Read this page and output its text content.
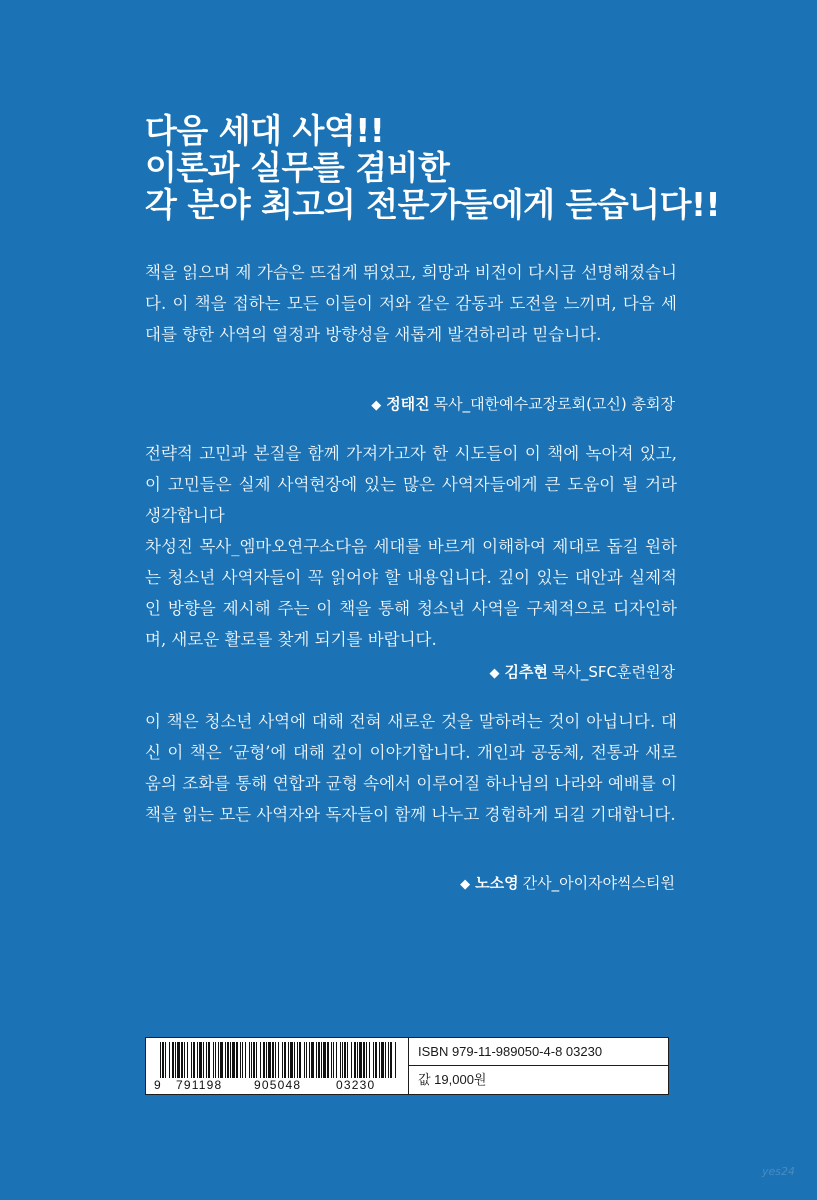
다음 세대 사역!!
이론과 실무를 겸비한
각 분야 최고의 전문가들에게 듣습니다!!

책을 읽으며 제 가슴은 뜨겁게 뛰었고, 희망과 비전이 다시금 선명해졌습니다. 이 책을 접하는 모든 이들이 저와 같은 감동과 도전을 느끼며, 다음 세대를 향한 사역의 열정과 방향성을 새롭게 발견하리라 믿습니다.

◆ 정태진 목사_대한예수교장로회(고신) 총회장

전략적 고민과 본질을 함께 가져가고자 한 시도들이 이 책에 녹아져 있고, 이 고민들은 실제 사역현장에 있는 많은 사역자들에게 큰 도움이 될 거라 생각합니다

차성진 목사_엠마오연구소다음 세대를 바르게 이해하여 제대로 돕길 원하는 청소년 사역자들이 꼭 읽어야 할 내용입니다. 깊이 있는 대안과 실제적인 방향을 제시해 주는 이 책을 통해 청소년 사역을 구체적으로 디자인하며, 새로운 활로를 찾게 되기를 바랍니다.

◆ 김추현 목사_SFC훈련원장

이 책은 청소년 사역에 대해 전혀 새로운 것을 말하려는 것이 아닙니다. 대신 이 책은 ‘균형’에 대해 깊이 이야기합니다. 개인과 공동체, 전통과 새로움의 조화를 통해 연합과 균형 속에서 이루어질 하나님의 나라와 예배를 이 책을 읽는 모든 사역자와 독자들이 함께 나누고 경험하게 되길 기대합니다.

◆ 노소영 간사_아이자야씩스티원
9 791198	905048	03230
ISBN 979-11-989050-4-8 03230
값 19,000원
yes24
